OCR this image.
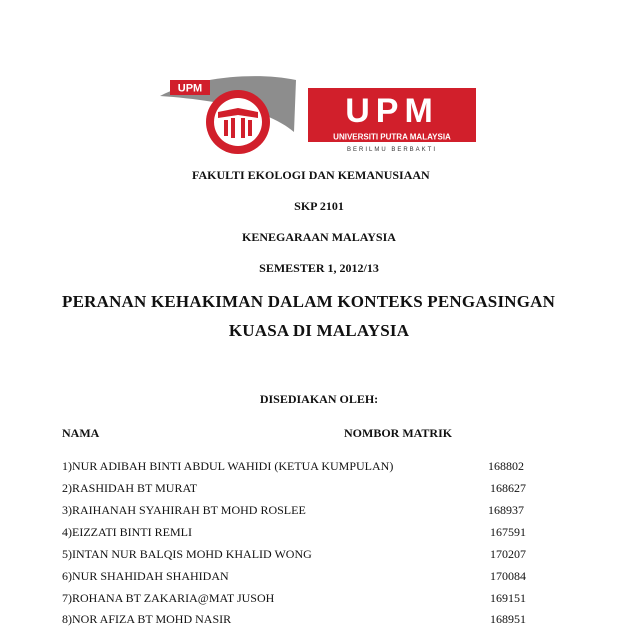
UPM
UPM
UNIVERSITI PUTRA MALAYSIA
BERILMU BERBAKTI
FAKULTI EKOLOGI DAN KEMANUSIAAN
SKP 2101
KENEGARAAN MALAYSIA
SEMESTER 1, 2012/13
PERANAN KEHAKIMAN DALAM KONTEKS PENGASINGAN
KUASA DI MALAYSIA
DISEDIAKAN OLEH:
NAMA	NOMBOR MATRIK
1)NUR ADIBAH BINTI ABDUL WAHIDI (KETUA KUMPULAN)	168802
2)RASHIDAH BT MURAT	168627
3)RAIHANAH SYAHIRAH BT MOHD ROSLEE	168937
4)EIZZATI BINTI REMLI	167591
5)INTAN NUR BALQIS MOHD KHALID WONG	170207
6)NUR SHAHIDAH SHAHIDAN	170084
7)ROHANA BT ZAKARIA@MAT JUSOH	169151
8)NOR AFIZA BT MOHD NASIR	168951
